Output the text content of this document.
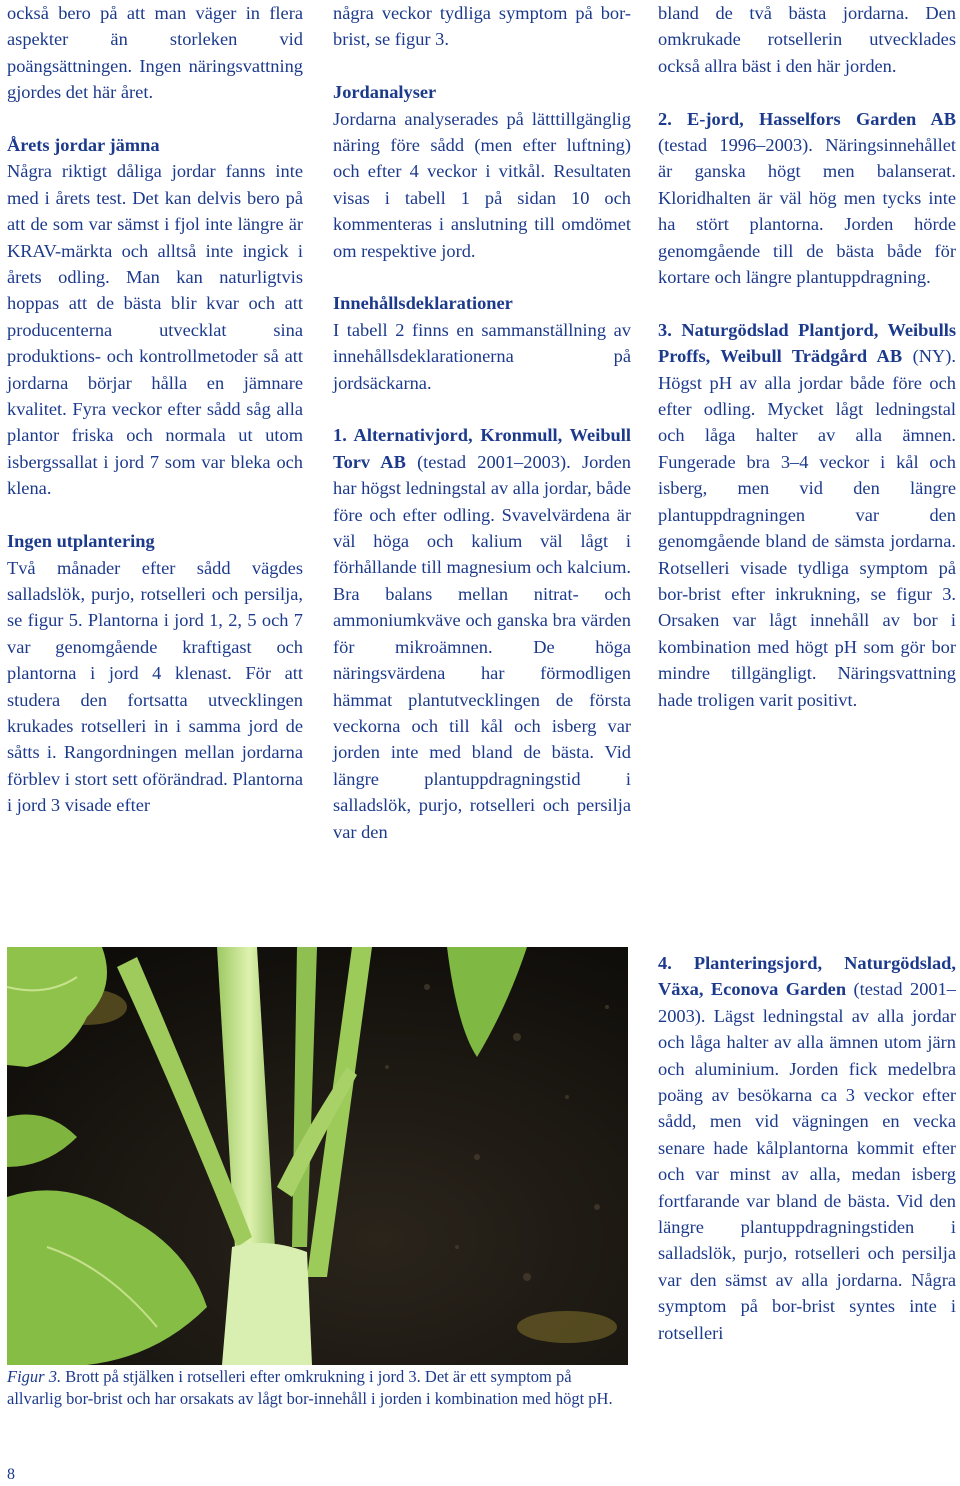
också bero på att man väger in flera aspekter än storleken vid poängsättningen. Ingen näringsvattning gjordes det här året.

Årets jordar jämna

Några riktigt dåliga jordar fanns inte med i årets test. Det kan delvis bero på att de som var sämst i fjol inte längre är KRAV-märkta och alltså inte ingick i årets odling. Man kan naturligtvis hoppas att de bästa blir kvar och att producenterna utvecklat sina produktions- och kontrollmetoder så att jordarna börjar hålla en jämnare kvalitet. Fyra veckor efter sådd såg alla plantor friska och normala ut utom isbergssallat i jord 7 som var bleka och klena.

Ingen utplantering

Två månader efter sådd vägdes salladslök, purjo, rotselleri och persilja, se figur 5. Plantorna i jord 1, 2, 5 och 7 var genomgående kraftigast och plantorna i jord 4 klenast. För att studera den fortsatta utvecklingen krukades rotselleri in i samma jord de såtts i. Rangordningen mellan jordarna förblev i stort sett oförändrad. Plantorna i jord 3 visade efter

några veckor tydliga symptom på bor-brist, se figur 3.

Jordanalyser

Jordarna analyserades på lätttillgänglig näring före sådd (men efter luftning) och efter 4 veckor i vitkål. Resultaten visas i tabell 1 på sidan 10 och kommenteras i anslutning till omdömet om respektive jord.

Innehållsdeklarationer

I tabell 2 finns en sammanställning av innehållsdeklarationerna på jordsäckarna.

1. Alternativjord, Kronmull, Weibull Torv AB (testad 2001–2003). Jorden har högst ledningstal av alla jordar, både före och efter odling. Svavelvärdena är väl höga och kalium väl lågt i förhållande till magnesium och kalcium. Bra balans mellan nitrat- och ammoniumkväve och ganska bra värden för mikroämnen. De höga näringsvärdena har förmodligen hämmat plantutvecklingen de första veckorna och till kål och isberg var jorden inte med bland de bästa. Vid längre plantuppdragningstid i salladslök, purjo, rotselleri och persilja var den

bland de två bästa jordarna. Den omkrukade rotsellerin utvecklades också allra bäst i den här jorden.

2. E-jord, Hasselfors Garden AB (testad 1996–2003). Näringsinnehållet är ganska högt men balanserat. Kloridhalten är väl hög men tycks inte ha stört plantorna. Jorden hörde genomgående till de bästa både för kortare och längre plantuppdragning.

3. Naturgödslad Plantjord, Weibulls Proffs, Weibull Trädgård AB (NY). Högst pH av alla jordar både före och efter odling. Mycket lågt ledningstal och låga halter av alla ämnen. Fungerade bra 3–4 veckor i kål och isberg, men vid den längre plantuppdragningen var den genomgående bland de sämsta jordarna. Rotselleri visade tydliga symptom på bor-brist efter inkrukning, se figur 3. Orsaken var lågt innehåll av bor i kombination med högt pH som gör bor mindre tillgängligt. Näringsvattning hade troligen varit positivt.

4. Planteringsjord, Naturgödslad, Växa, Econova Garden (testad 2001–2003). Lägst ledningstal av alla jordar och låga halter av alla ämnen utom järn och aluminium. Jorden fick medelbra poäng av besökarna ca 3 veckor efter sådd, men vid vägningen en vecka senare hade kålplantorna kommit efter och var minst av alla, medan isberg fortfarande var bland de bästa. Vid den längre plantuppdragningstiden i salladslök, purjo, rotselleri och persilja var den sämst av alla jordarna. Några symptom på bor-brist syntes inte i rotselleri

Figur 3. Brott på stjälken i rotselleri efter omkrukning i jord 3. Det är ett symptom på allvarlig bor-brist och har orsakats av lågt bor-innehåll i jorden i kombination med högt pH.
8
